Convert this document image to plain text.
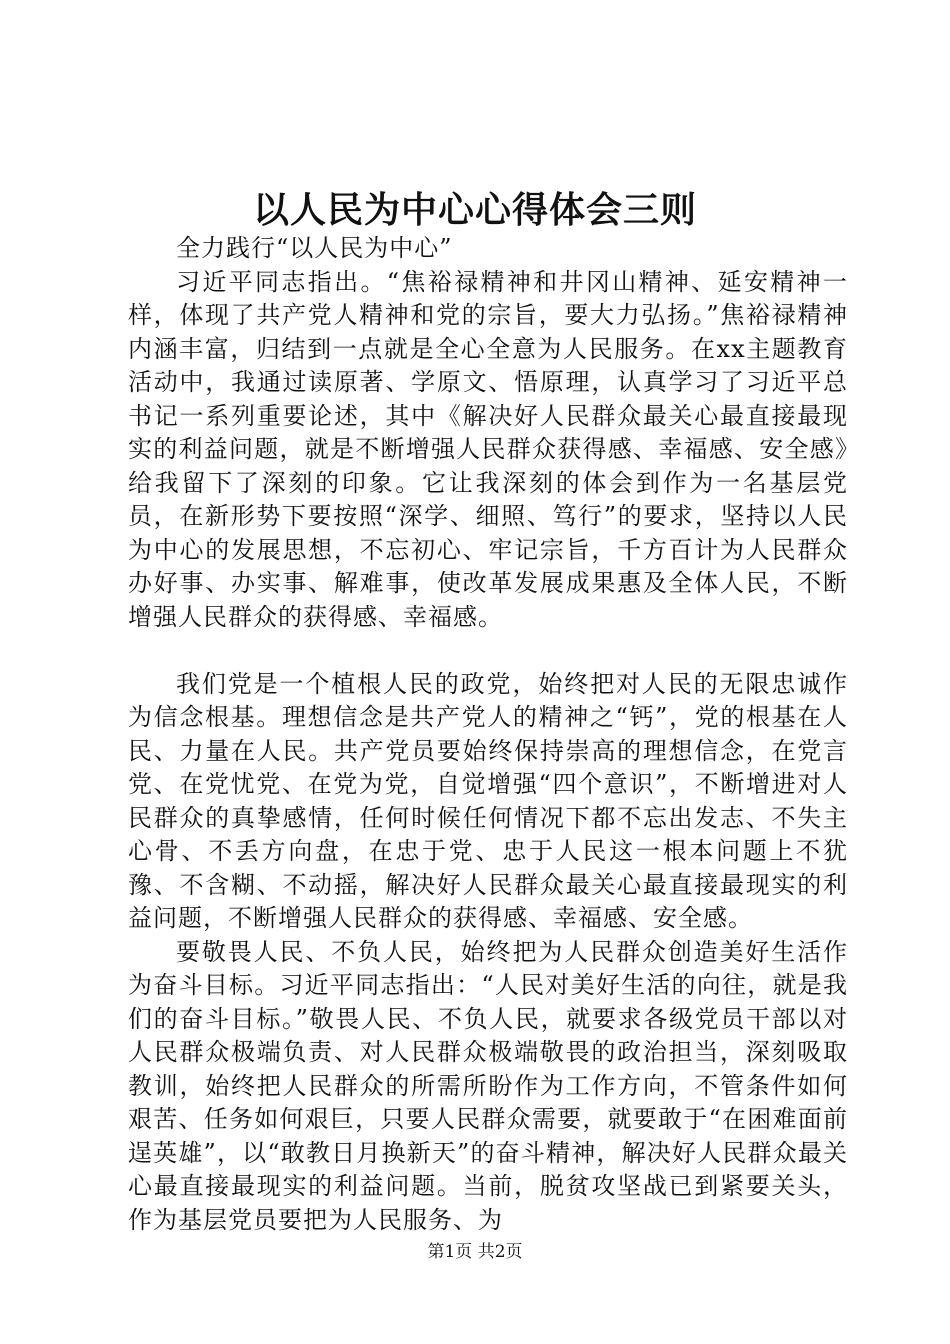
以人民为中心心得体会三则

全力践行“以人民为中心”

习近平同志指出。“焦裕禄精神和井冈山精神、延安精神一样，体现了共产党人精神和党的宗旨，要大力弘扬。”焦裕禄精神内涵丰富，归结到一点就是全心全意为人民服务。在xx主题教育活动中，我通过读原著、学原文、悟原理，认真学习了习近平总书记一系列重要论述，其中《解决好人民群众最关心最直接最现实的利益问题，就是不断增强人民群众获得感、幸福感、安全感》给我留下了深刻的印象。它让我深刻的体会到作为一名基层党员，在新形势下要按照“深学、细照、笃行”的要求，坚持以人民为中心的发展思想，不忘初心、牢记宗旨，千方百计为人民群众办好事、办实事、解难事，使改革发展成果惠及全体人民，不断增强人民群众的获得感、幸福感。

我们党是一个植根人民的政党，始终把对人民的无限忠诚作为信念根基。理想信念是共产党人的精神之“钙”，党的根基在人民、力量在人民。共产党员要始终保持崇高的理想信念，在党言党、在党忧党、在党为党，自觉增强“四个意识”，不断增进对人民群众的真挚感情，任何时候任何情况下都不忘出发志、不失主心骨、不丢方向盘，在忠于党、忠于人民这一根本问题上不犹豫、不含糊、不动摇，解决好人民群众最关心最直接最现实的利益问题，不断增强人民群众的获得感、幸福感、安全感。

要敬畏人民、不负人民，始终把为人民群众创造美好生活作为奋斗目标。习近平同志指出：“人民对美好生活的向往，就是我们的奋斗目标。”敬畏人民、不负人民，就要求各级党员干部以对人民群众极端负责、对人民群众极端敬畏的政治担当，深刻吸取教训，始终把人民群众的所需所盼作为工作方向，不管条件如何艰苦、任务如何艰巨，只要人民群众需要，就要敢于“在困难面前逞英雄”，以“敢教日月换新天”的奋斗精神，解决好人民群众最关心最直接最现实的利益问题。当前，脱贫攻坚战已到紧要关头，作为基层党员要把为人民服务、为

第1页 共2页
